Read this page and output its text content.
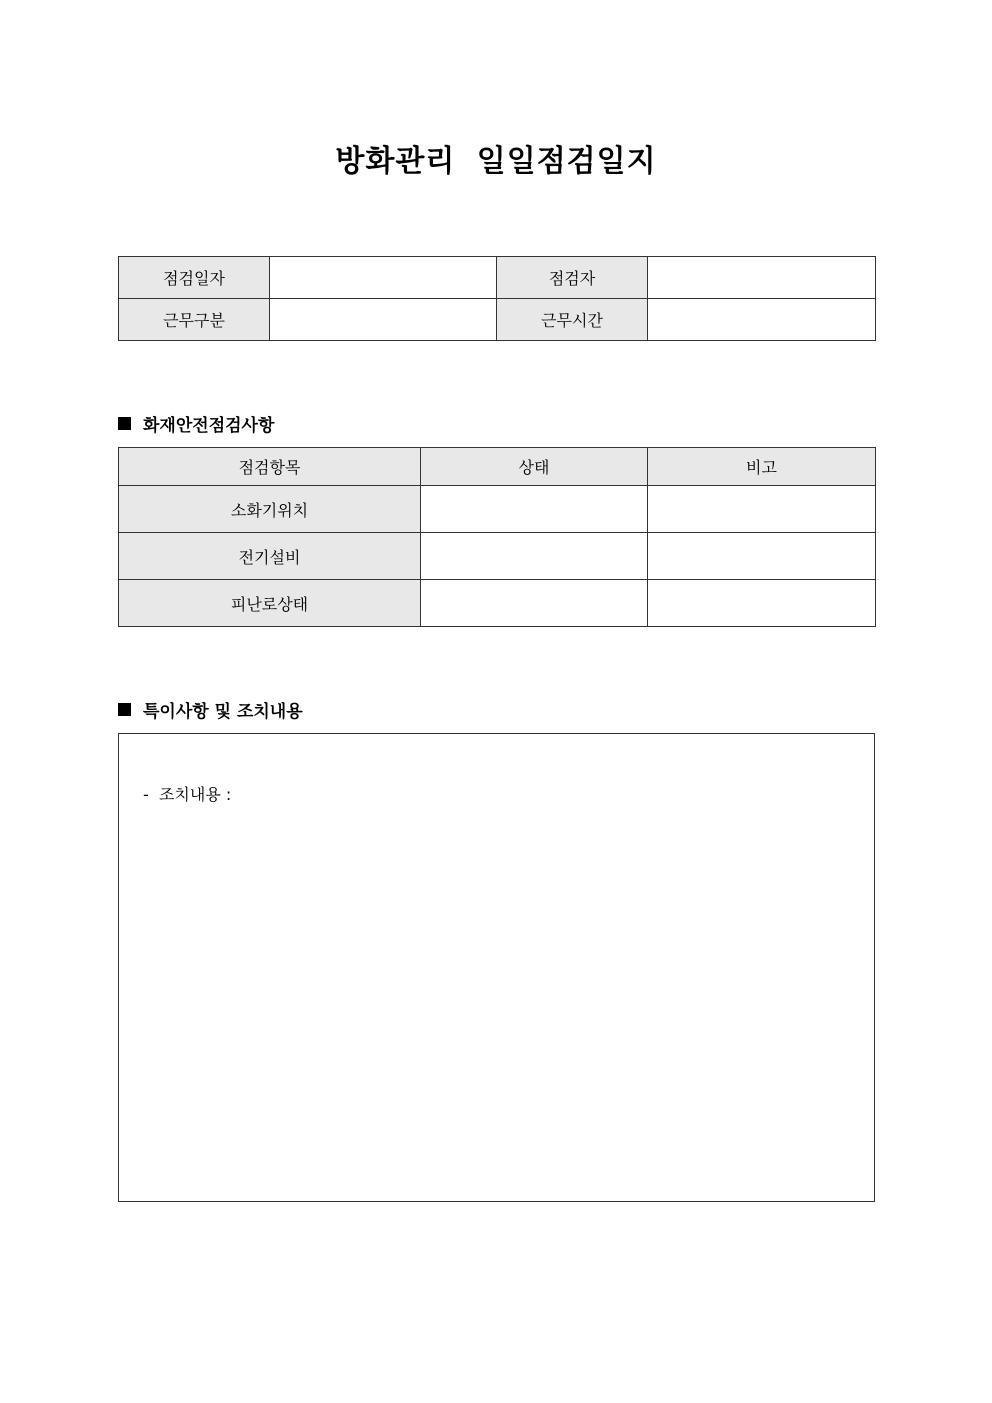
방화관리 일일점검일지
점검일자		점검자	
근무구분		근무시간	
화재안전점검사항
점검항목	상태	비고
소화기위치		
전기설비		
피난로상태		
특이사항 및 조치내용
-  조치내용 :
